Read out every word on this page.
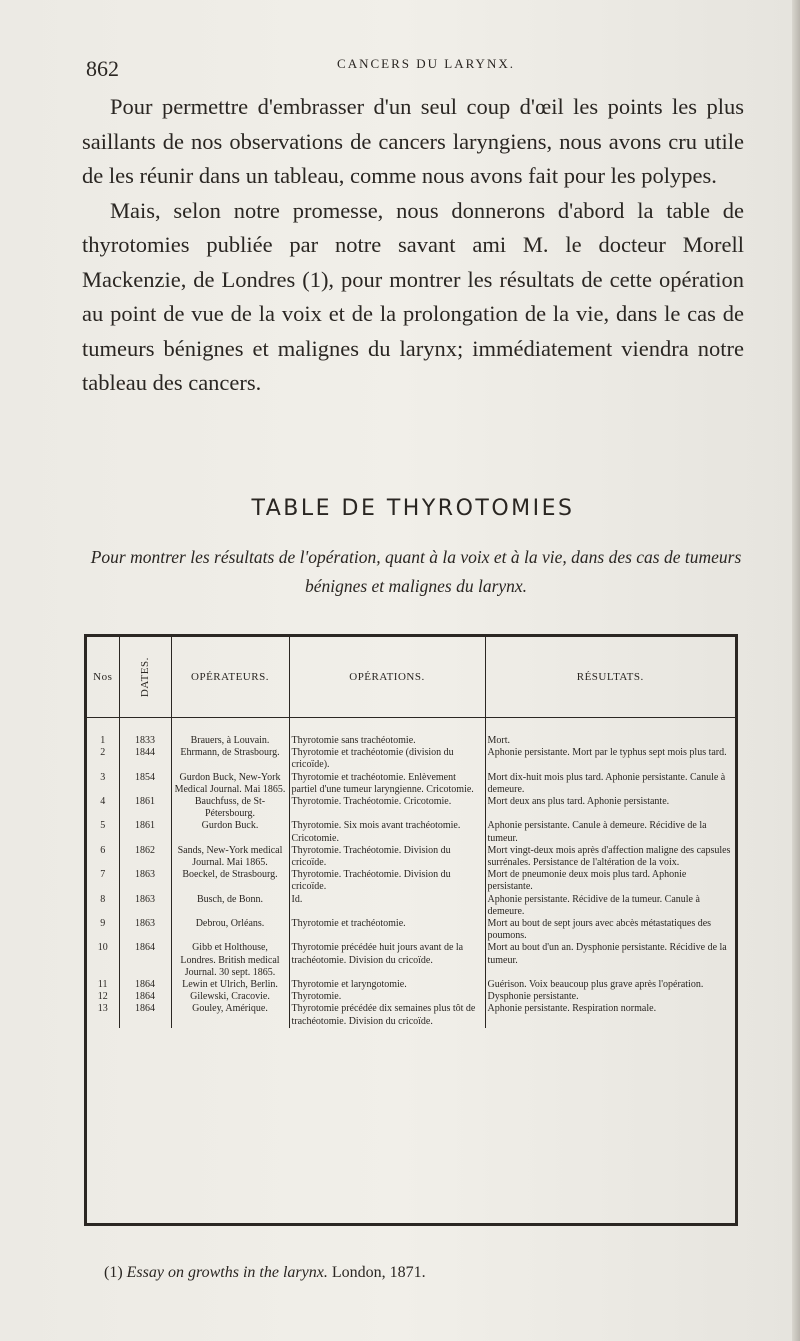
862	CANCERS DU LARYNX.

Pour permettre d'embrasser d'un seul coup d'œil les points les plus saillants de nos observations de cancers laryngiens, nous avons cru utile de les réunir dans un tableau, comme nous avons fait pour les polypes.

Mais, selon notre promesse, nous donnerons d'abord la table de thyrotomies publiée par notre savant ami M. le docteur Morell Mackenzie, de Londres (1), pour montrer les résultats de cette opération au point de vue de la voix et de la prolongation de la vie, dans le cas de tumeurs bénignes et malignes du larynx; immédiatement viendra notre tableau des cancers.

TABLE DE THYROTOMIES
Pour montrer les résultats de l'opération, quant à la voix et à la vie, dans des cas de tumeurs bénignes et malignes du larynx.
Nos	DATES.	OPÉRATEURS.	OPÉRATIONS.	RÉSULTATS.

1	1833	Brauers, à Louvain.	Thyrotomie sans trachéotomie.	Mort.
2	1844	Ehrmann, de Strasbourg.	Thyrotomie et trachéotomie (division du cricoïde).	Aphonie persistante. Mort par le typhus sept mois plus tard.
3	1854	Gurdon Buck, New-York Medical Journal. Mai 1865.	Thyrotomie et trachéotomie. Enlèvement partiel d'une tumeur laryngienne. Cricotomie.	Mort dix-huit mois plus tard. Aphonie persistante. Canule à demeure.
4	1861	Bauchfuss, de St-Pétersbourg.	Thyrotomie. Trachéotomie. Cricotomie.	Mort deux ans plus tard. Aphonie persistante.
5	1861	Gurdon Buck.	Thyrotomie. Six mois avant trachéotomie. Cricotomie.	Aphonie persistante. Canule à demeure. Récidive de la tumeur.
6	1862	Sands, New-York medical Journal. Mai 1865.	Thyrotomie. Trachéotomie. Division du cricoïde.	Mort vingt-deux mois après d'affection maligne des capsules surrénales. Persistance de l'altération de la voix.
7	1863	Boeckel, de Strasbourg.	Thyrotomie. Trachéotomie. Division du cricoïde.	Mort de pneumonie deux mois plus tard. Aphonie persistante.
8	1863	Busch, de Bonn.	Id.	Aphonie persistante. Récidive de la tumeur. Canule à demeure.
9	1863	Debrou, Orléans.	Thyrotomie et trachéotomie.	Mort au bout de sept jours avec abcès métastatiques des poumons.
10	1864	Gibb et Holthouse, Londres. British medical Journal. 30 sept. 1865.	Thyrotomie précédée huit jours avant de la trachéotomie. Division du cricoïde.	Mort au bout d'un an. Dysphonie persistante. Récidive de la tumeur.
11	1864	Lewin et Ulrich, Berlin.	Thyrotomie et laryngotomie.	Guérison. Voix beaucoup plus grave après l'opération.
12	1864	Gilewski, Cracovie.	Thyrotomie.	Dysphonie persistante.
13	1864	Gouley, Amérique.	Thyrotomie précédée dix semaines plus tôt de trachéotomie. Division du cricoïde.	Aphonie persistante. Respiration normale.

(1) Essay on growths in the larynx. London, 1871.
